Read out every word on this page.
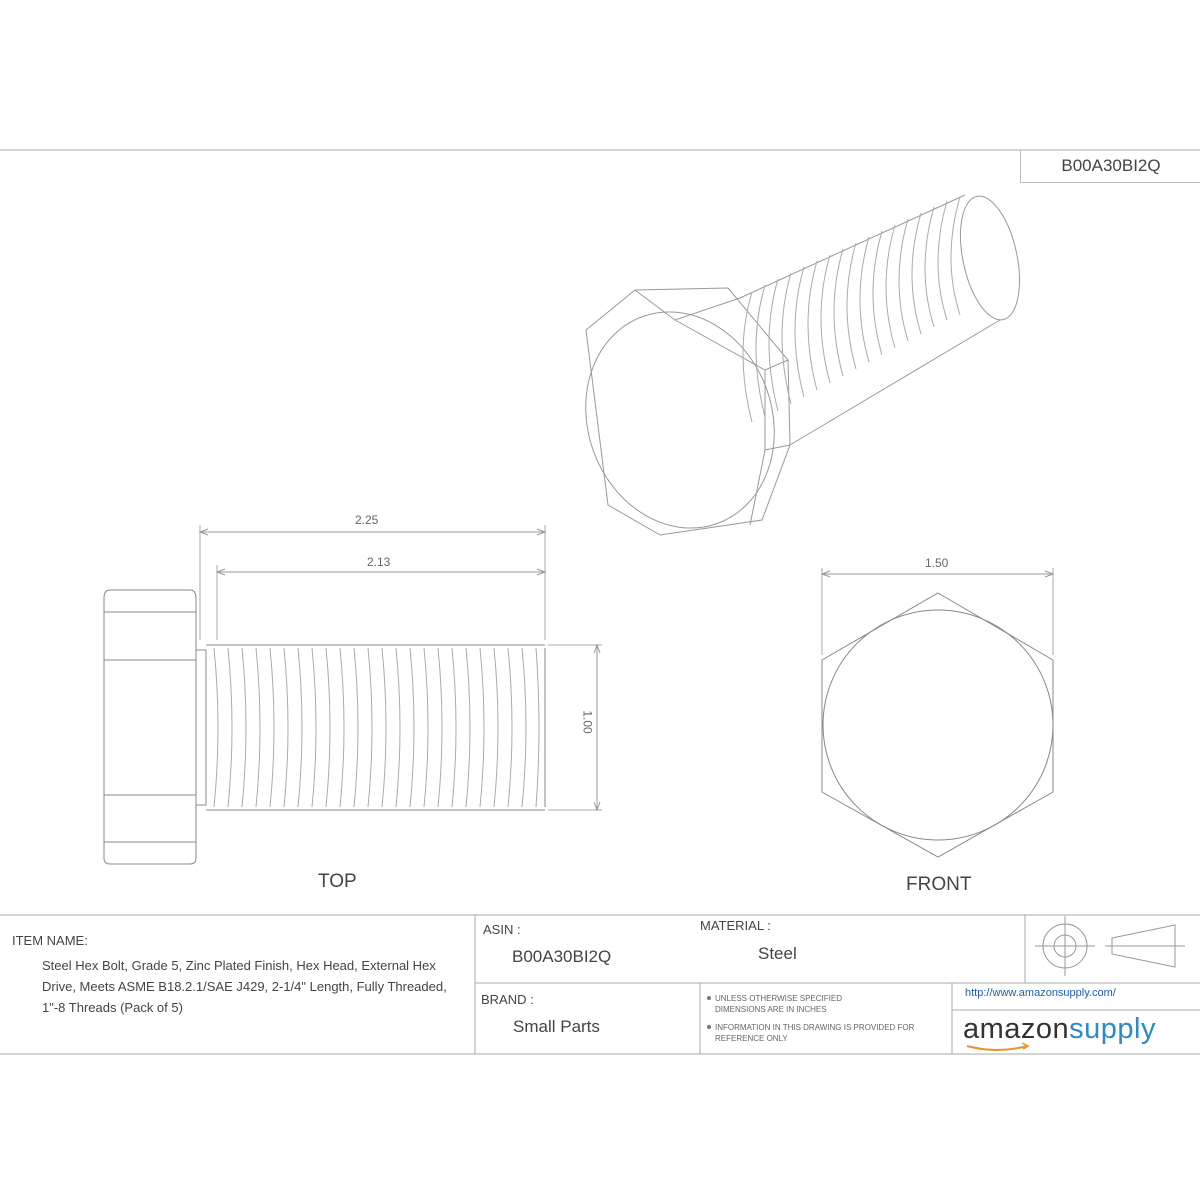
B00A30BI2Q
2.25
2.13
1.00
1.50
TOP	FRONT
ITEM NAME:
Steel Hex Bolt, Grade 5, Zinc Plated Finish, Hex Head, External Hex
Drive, Meets ASME B18.2.1/SAE J429, 2-1/4" Length, Fully Threaded,
1"-8 Threads (Pack of 5)
ASIN :
B00A30BI2Q
MATERIAL :
Steel
BRAND :
Small Parts
UNLESS OTHERWISE SPECIFIED
DIMENSIONS ARE IN INCHES
INFORMATION IN THIS DRAWING IS PROVIDED FOR
REFERENCE ONLY
http://www.amazonsupply.com/
amazonsupply
